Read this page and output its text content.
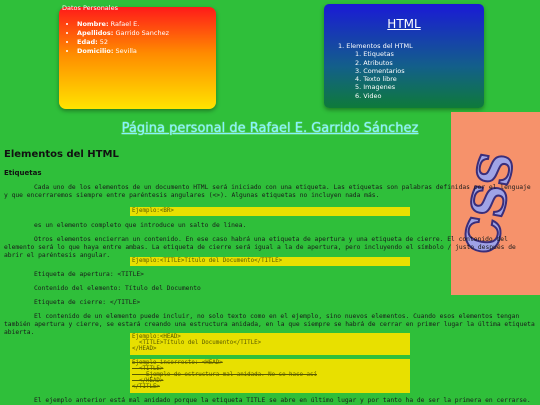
Datos Personales
• Nombre: Rafael E.
• Apellidos: Garrido Sanchez
• Edad: 52
• Domicilio: Sevilla
HTML
1. Elementos del HTML
1. Etiquetas
2. Atributos
3. Comentarios
4. Texto libre
5. Imagenes
6. Video
Página personal de Rafael E. Garrido Sánchez
CSS
Elementos del HTML
Etiquetas
Cada uno de los elementos de un documento HTML será iniciado con una etiqueta. Las etiquetas son palabras definidas por el lenguaje y que encerraremos siempre entre paréntesis angulares (<>). Algunas etiquetas no incluyen nada más.
Ejemplo:<BR>
es un elemento completo que introduce un salto de línea.
Otros elementos encierran un contenido. En ese caso habrá una etiqueta de apertura y una etiqueta de cierre. El contenido del elemento será lo que haya entre ambas. La etiqueta de cierre será igual a la de apertura, pero incluyendo el símbolo / justo después de abrir el paréntesis angular.
Ejemplo:<TITLE>Título del Documento</TITLE>
Etiqueta de apertura: <TITLE>
Contenido del elemento: Título del Documento
Etiqueta de cierre: </TITLE>
El contenido de un elemento puede incluir, no solo texto como en el ejemplo, sino nuevos elementos. Cuando esos elementos tengan también apertura y cierre, se estará creando una estructura anidada, en la que siempre se habrá de cerrar en primer lugar la última etiqueta abierta.
Ejemplo:<HEAD>
<TITLE>Título del Documento</TITLE>
</HEAD>
Ejemplo incorrecto: <HEAD>
<TITLE>
Ejemplo de estructura mal anidada. No se hace así
</HEAD>
</TITLE>
El ejemplo anterior está mal anidado porque la etiqueta TITLE se abre en último lugar y por tanto ha de ser la primera en cerrarse.
